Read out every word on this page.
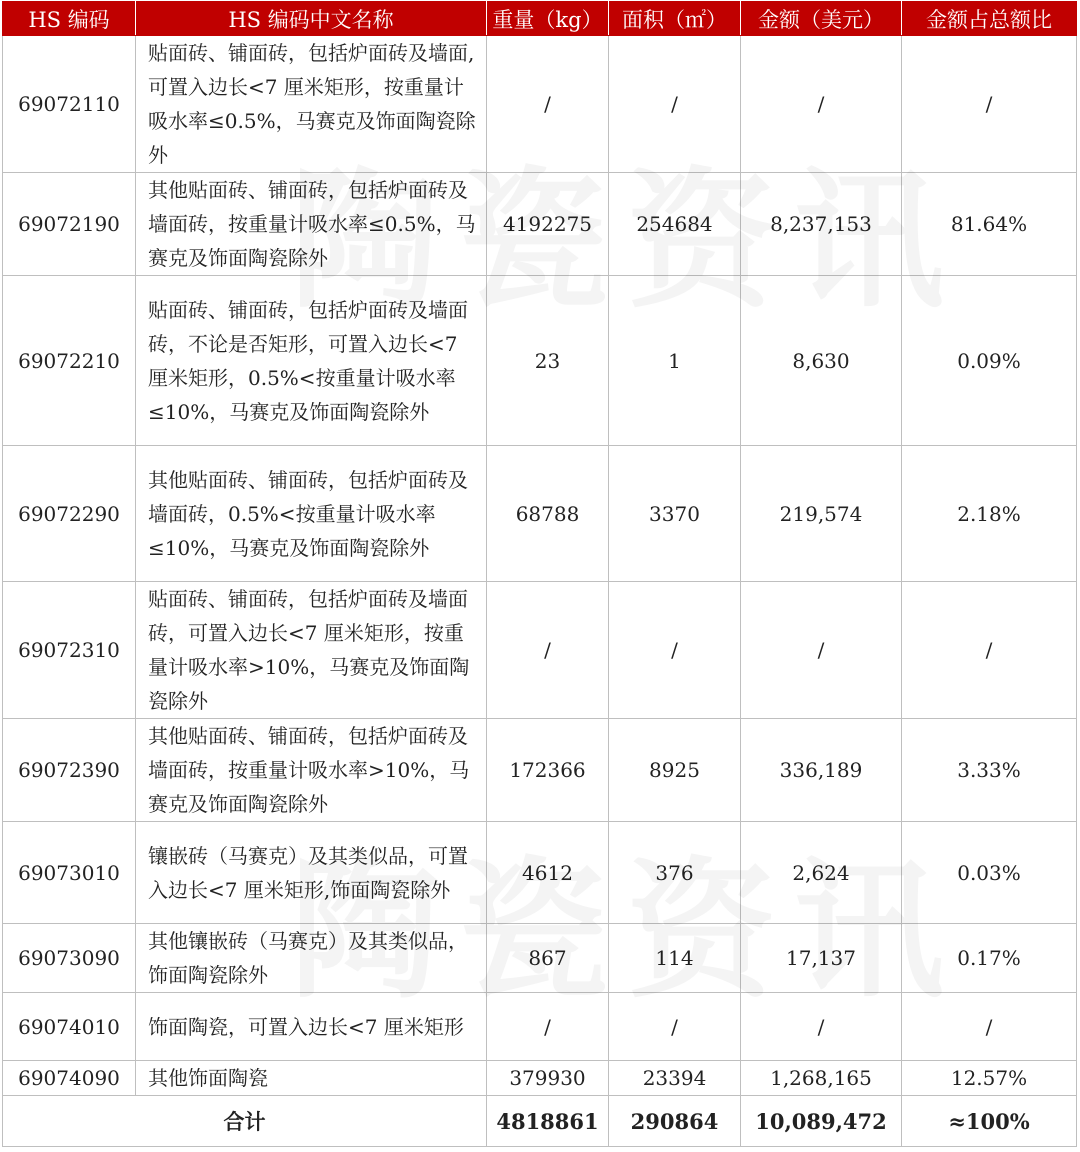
HS 编码	HS 编码中文名称	重量（kg）	面积（㎡）	金额（美元）	金额占总额比
69072110	贴面砖、铺面砖，包括炉面砖及墙面,可置入边长<7 厘米矩形，按重量计吸水率≤0.5%，马赛克及饰面陶瓷除外	/	/	/	/
69072190	其他贴面砖、铺面砖，包括炉面砖及墙面砖，按重量计吸水率≤0.5%，马赛克及饰面陶瓷除外	4192275	254684	8,237,153	81.64%
69072210	贴面砖、铺面砖，包括炉面砖及墙面砖，不论是否矩形，可置入边长<7 厘米矩形，0.5%<按重量计吸水率≤10%，马赛克及饰面陶瓷除外	23	1	8,630	0.09%
69072290	其他贴面砖、铺面砖，包括炉面砖及墙面砖，0.5%<按重量计吸水率≤10%，马赛克及饰面陶瓷除外	68788	3370	219,574	2.18%
69072310	贴面砖、铺面砖，包括炉面砖及墙面砖，可置入边长<7 厘米矩形，按重量计吸水率>10%，马赛克及饰面陶瓷除外	/	/	/	/
69072390	其他贴面砖、铺面砖，包括炉面砖及墙面砖，按重量计吸水率>10%，马赛克及饰面陶瓷除外	172366	8925	336,189	3.33%
69073010	镶嵌砖（马赛克）及其类似品，可置入边长<7 厘米矩形,饰面陶瓷除外	4612	376	2,624	0.03%
69073090	其他镶嵌砖（马赛克）及其类似品，饰面陶瓷除外	867	114	17,137	0.17%
69074010	饰面陶瓷，可置入边长<7 厘米矩形	/	/	/	/
69074090	其他饰面陶瓷	379930	23394	1,268,165	12.57%
合计		4818861	290864	10,089,472	≈100%
